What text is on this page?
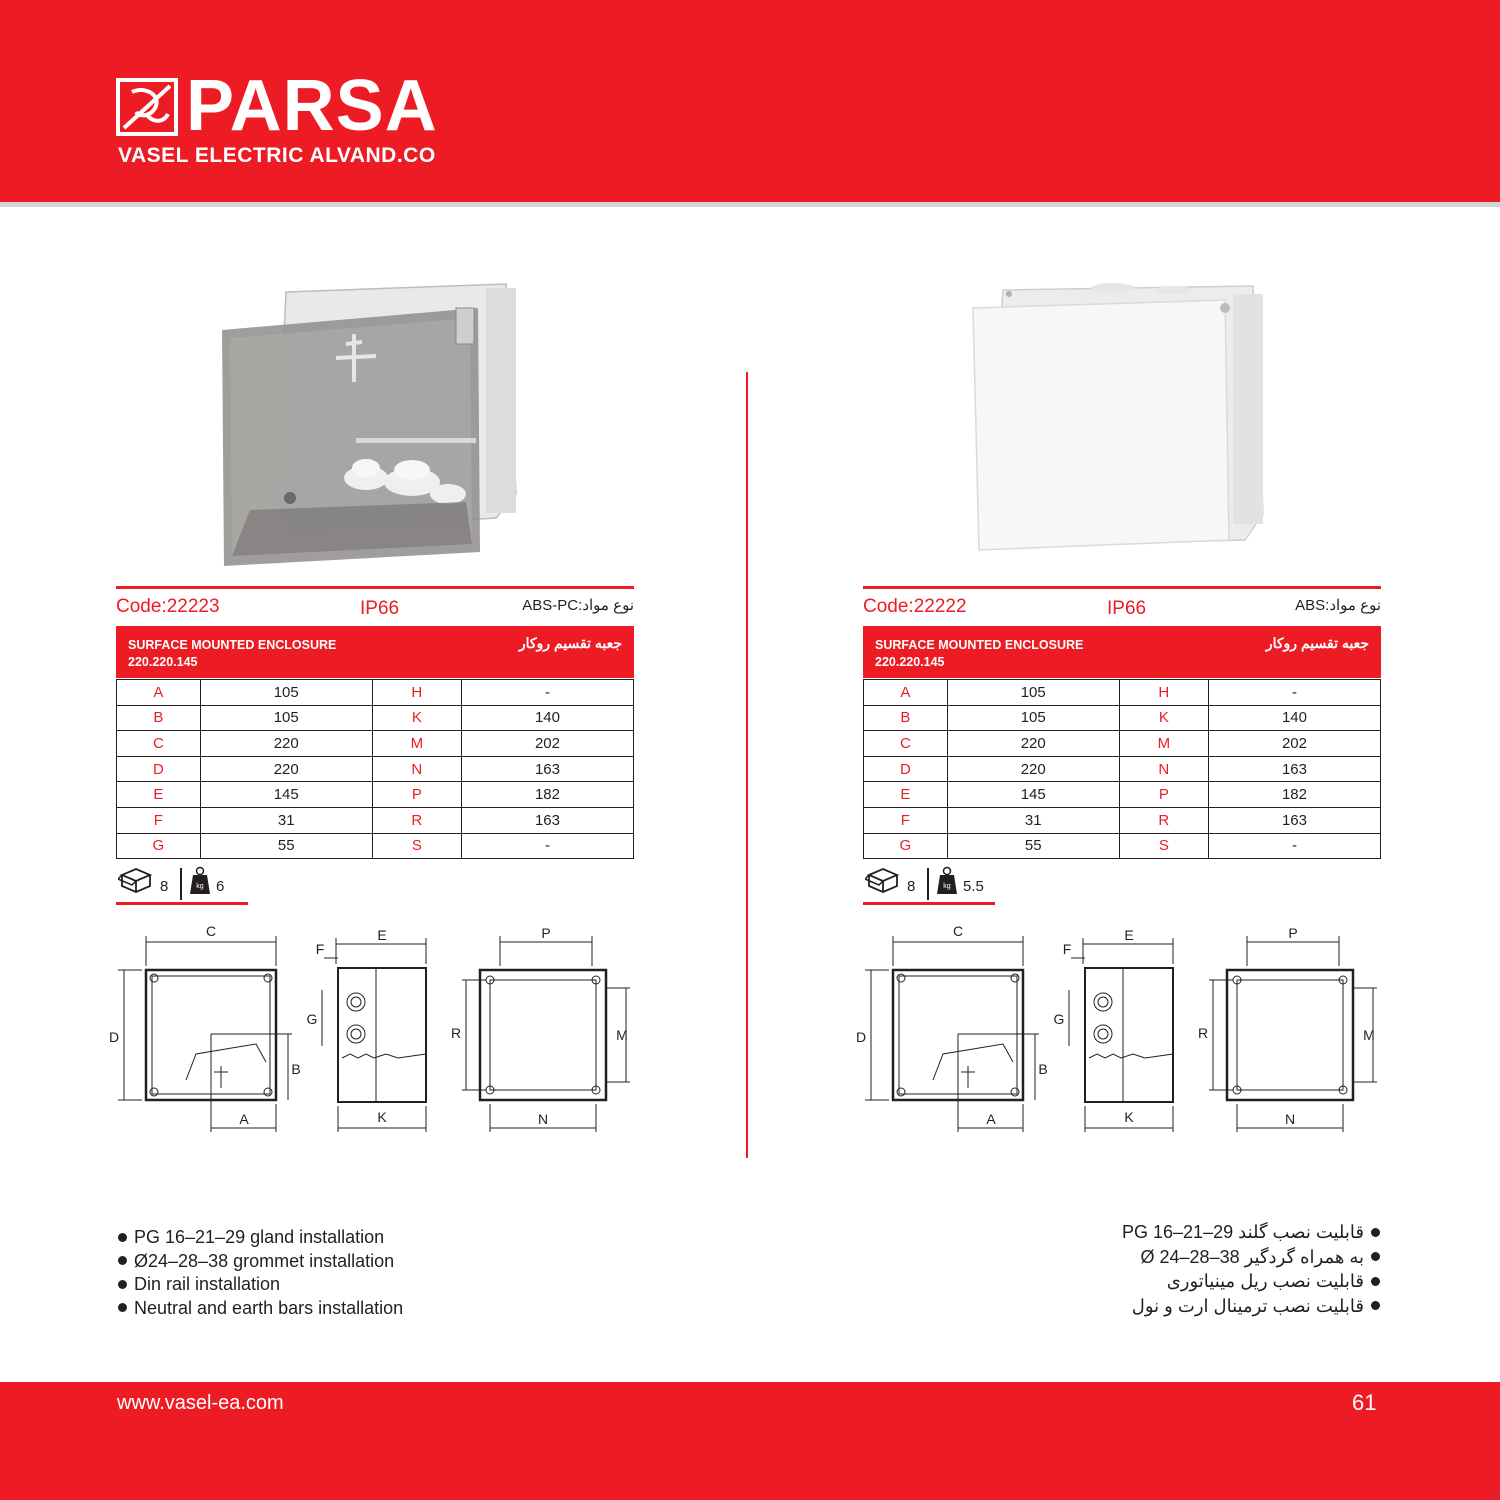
PARSA
VASEL ELECTRIC ALVAND.CO
Code:22223	IP66	نوع مواد:ABS-PC
SURFACE MOUNTED ENCLOSURE
220.220.145
جعبه تقسیم روکار
A	105	H	-
B	105	K	140
C	220	M	202
D	220	N	163
E	145	P	182
F	31	R	163
G	55	S	-
8	kg 6
C
D
A
B
F
E
G
K
P
R	M
N
Code:22222	IP66	نوع مواد:ABS
SURFACE MOUNTED ENCLOSURE
220.220.145
جعبه تقسیم روکار
A	105	H	-
B	105	K	140
C	220	M	202
D	220	N	163
E	145	P	182
F	31	R	163
G	55	S	-
8	kg 5.5
C
D
A
B
F
E
G
K
P
R	M
N
PG 16–21–29 gland installation
Ø24–28–38 grommet installation
Din rail installation
Neutral and earth bars installation
قابلیت نصب گلند 29–21–16 PG
به همراه گردگیر 38–28–24 Ø
قابلیت نصب ریل مینیاتوری
قابلیت نصب ترمینال ارت و نول
www.vasel-ea.com	61
